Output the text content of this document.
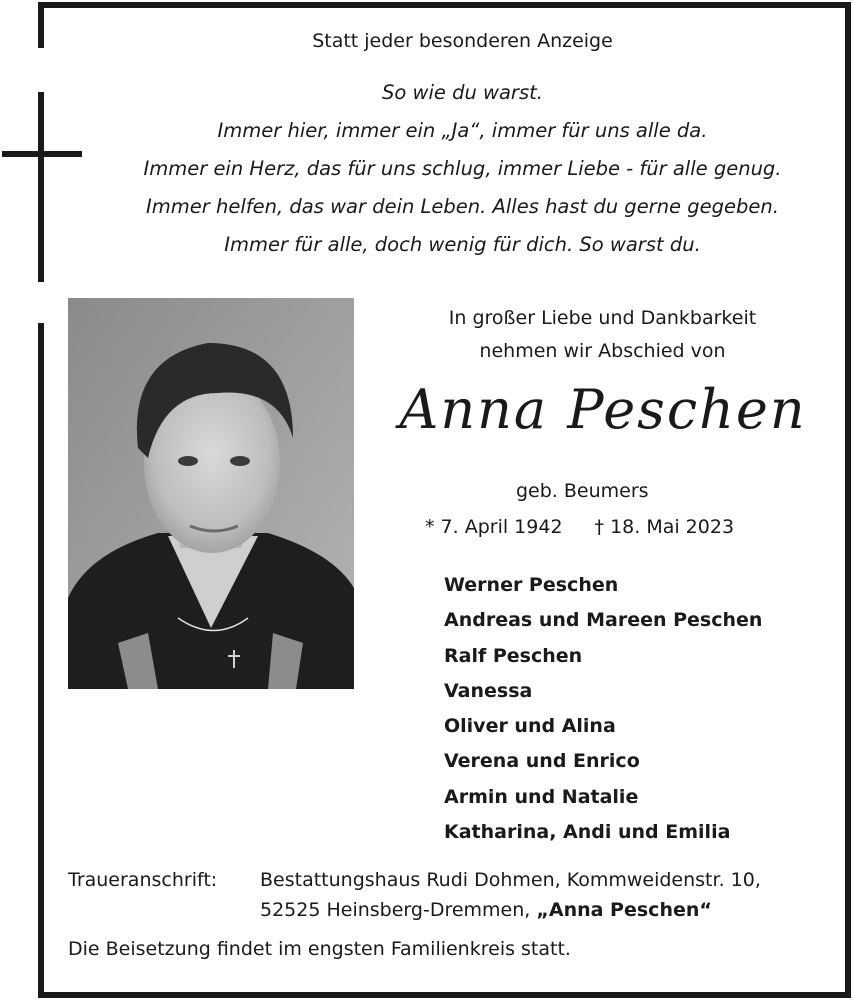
Statt jeder besonderen Anzeige
So wie du warst.
Immer hier, immer ein „Ja“, immer für uns alle da.
Immer ein Herz, das für uns schlug, immer Liebe - für alle genug.
Immer helfen, das war dein Leben. Alles hast du gerne gegeben.
Immer für alle, doch wenig für dich. So warst du.
In großer Liebe und Dankbarkeit
nehmen wir Abschied von
Anna Peschen
geb. Beumers
* 7. April 1942 † 18. Mai 2023
Werner Peschen
Andreas und Mareen Peschen
Ralf Peschen
Vanessa
Oliver und Alina
Verena und Enrico
Armin und Natalie
Katharina, Andi und Emilia
Traueranschrift: Bestattungshaus Rudi Dohmen, Kommweidenstr. 10,
52525 Heinsberg-Dremmen, „Anna Peschen“
Die Beisetzung findet im engsten Familienkreis statt.
